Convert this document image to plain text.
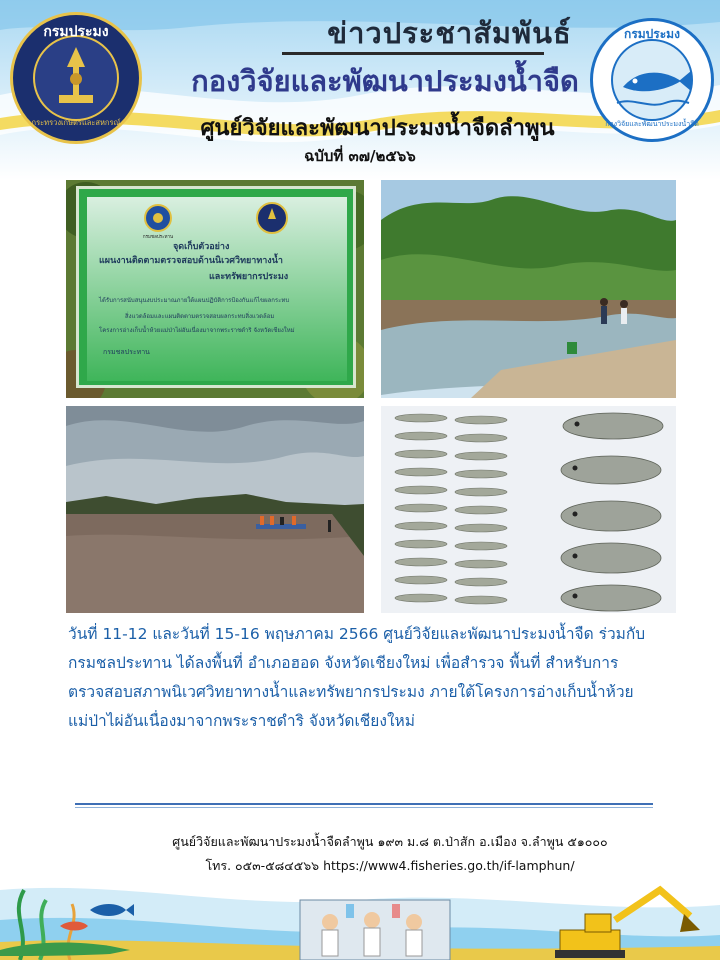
กรมประมง
กระทรวงเกษตรและสหกรณ์
ข่าวประชาสัมพันธ์
กองวิจัยและพัฒนาประมงน้ำจืด
กรมประมง
กองวิจัยและพัฒนาประมงน้ำจืด
ศูนย์วิจัยและพัฒนาประมงน้ำจืดลำพูน
ฉบับที่ ๓๗/๒๕๖๖
กรมชลประทาน
จุดเก็บตัวอย่าง
แผนงานติดตามตรวจสอบด้านนิเวศวิทยาทางน้ำ
และทรัพยากรประมง
ได้รับการสนับสนุนงบประมาณภายใต้แผนปฏิบัติการป้องกันแก้ไขผลกระทบ
สิ่งแวดล้อมและแผนติดตามตรวจสอบผลกระทบสิ่งแวดล้อม
โครงการอ่างเก็บน้ำห้วยแม่ป่าไผ่อันเนื่องมาจากพระราชดำริ จังหวัดเชียงใหม่
กรมชลประทาน
วันที่ 11-12 และวันที่ 15-16 พฤษภาคม 2566 ศูนย์วิจัยและพัฒนาประมงน้ำจืด ร่วมกับ
กรมชลประทาน ได้ลงพื้นที่ อำเภอฮอด จังหวัดเชียงใหม่ เพื่อสำรวจ พื้นที่ สำหรับการ
ตรวจสอบสภาพนิเวศวิทยาทางน้ำและทรัพยากรประมง ภายใต้โครงการอ่างเก็บน้ำห้วย
แม่ป่าไผ่อันเนื่องมาจากพระราชดำริ จังหวัดเชียงใหม่
ศูนย์วิจัยและพัฒนาประมงน้ำจืดลำพูน ๑๙๓ ม.๘ ต.ป่าสัก อ.เมือง จ.ลำพูน ๕๑๐๐๐
โทร. ๐๕๓-๕๘๔๕๖๖ https://www4.fisheries.go.th/if-lamphun/
